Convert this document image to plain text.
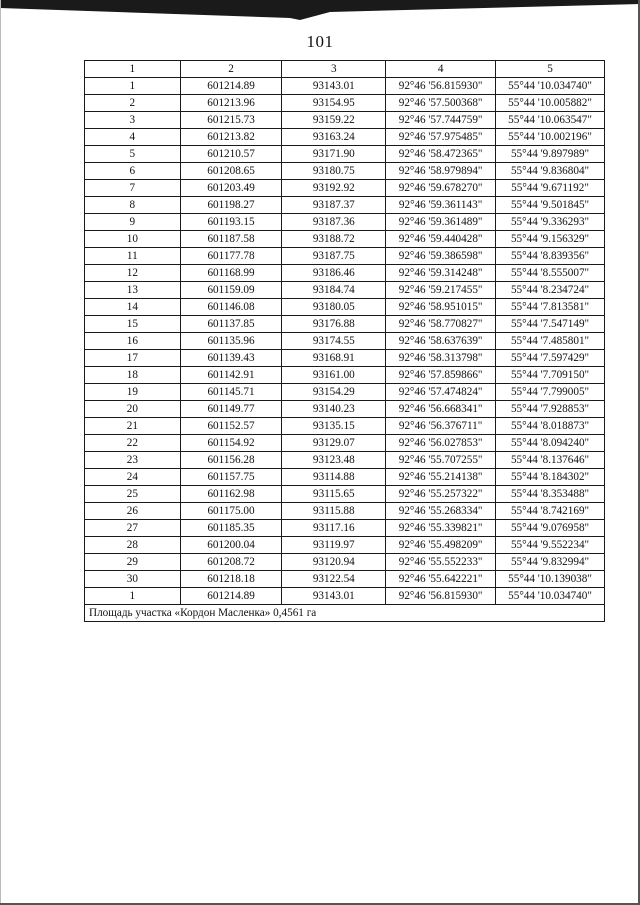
101
1	2	3	4	5
1	601214.89	93143.01	92°46 '56.815930"	55°44 '10.034740"
2	601213.96	93154.95	92°46 '57.500368"	55°44 '10.005882"
3	601215.73	93159.22	92°46 '57.744759"	55°44 '10.063547"
4	601213.82	93163.24	92°46 '57.975485"	55°44 '10.002196"
5	601210.57	93171.90	92°46 '58.472365"	55°44 '9.897989"
6	601208.65	93180.75	92°46 '58.979894"	55°44 '9.836804"
7	601203.49	93192.92	92°46 '59.678270"	55°44 '9.671192"
8	601198.27	93187.37	92°46 '59.361143"	55°44 '9.501845"
9	601193.15	93187.36	92°46 '59.361489"	55°44 '9.336293"
10	601187.58	93188.72	92°46 '59.440428"	55°44 '9.156329"
11	601177.78	93187.75	92°46 '59.386598"	55°44 '8.839356"
12	601168.99	93186.46	92°46 '59.314248"	55°44 '8.555007"
13	601159.09	93184.74	92°46 '59.217455"	55°44 '8.234724"
14	601146.08	93180.05	92°46 '58.951015"	55°44 '7.813581"
15	601137.85	93176.88	92°46 '58.770827"	55°44 '7.547149"
16	601135.96	93174.55	92°46 '58.637639"	55°44 '7.485801"
17	601139.43	93168.91	92°46 '58.313798"	55°44 '7.597429"
18	601142.91	93161.00	92°46 '57.859866"	55°44 '7.709150"
19	601145.71	93154.29	92°46 '57.474824"	55°44 '7.799005"
20	601149.77	93140.23	92°46 '56.668341"	55°44 '7.928853"
21	601152.57	93135.15	92°46 '56.376711"	55°44 '8.018873"
22	601154.92	93129.07	92°46 '56.027853"	55°44 '8.094240"
23	601156.28	93123.48	92°46 '55.707255"	55°44 '8.137646"
24	601157.75	93114.88	92°46 '55.214138"	55°44 '8.184302"
25	601162.98	93115.65	92°46 '55.257322"	55°44 '8.353488"
26	601175.00	93115.88	92°46 '55.268334"	55°44 '8.742169"
27	601185.35	93117.16	92°46 '55.339821"	55°44 '9.076958"
28	601200.04	93119.97	92°46 '55.498209"	55°44 '9.552234"
29	601208.72	93120.94	92°46 '55.552233"	55°44 '9.832994"
30	601218.18	93122.54	92°46 '55.642221"	55°44 '10.139038"
1	601214.89	93143.01	92°46 '56.815930"	55°44 '10.034740"
Площадь участка «Кордон Масленка» 0,4561 га				
